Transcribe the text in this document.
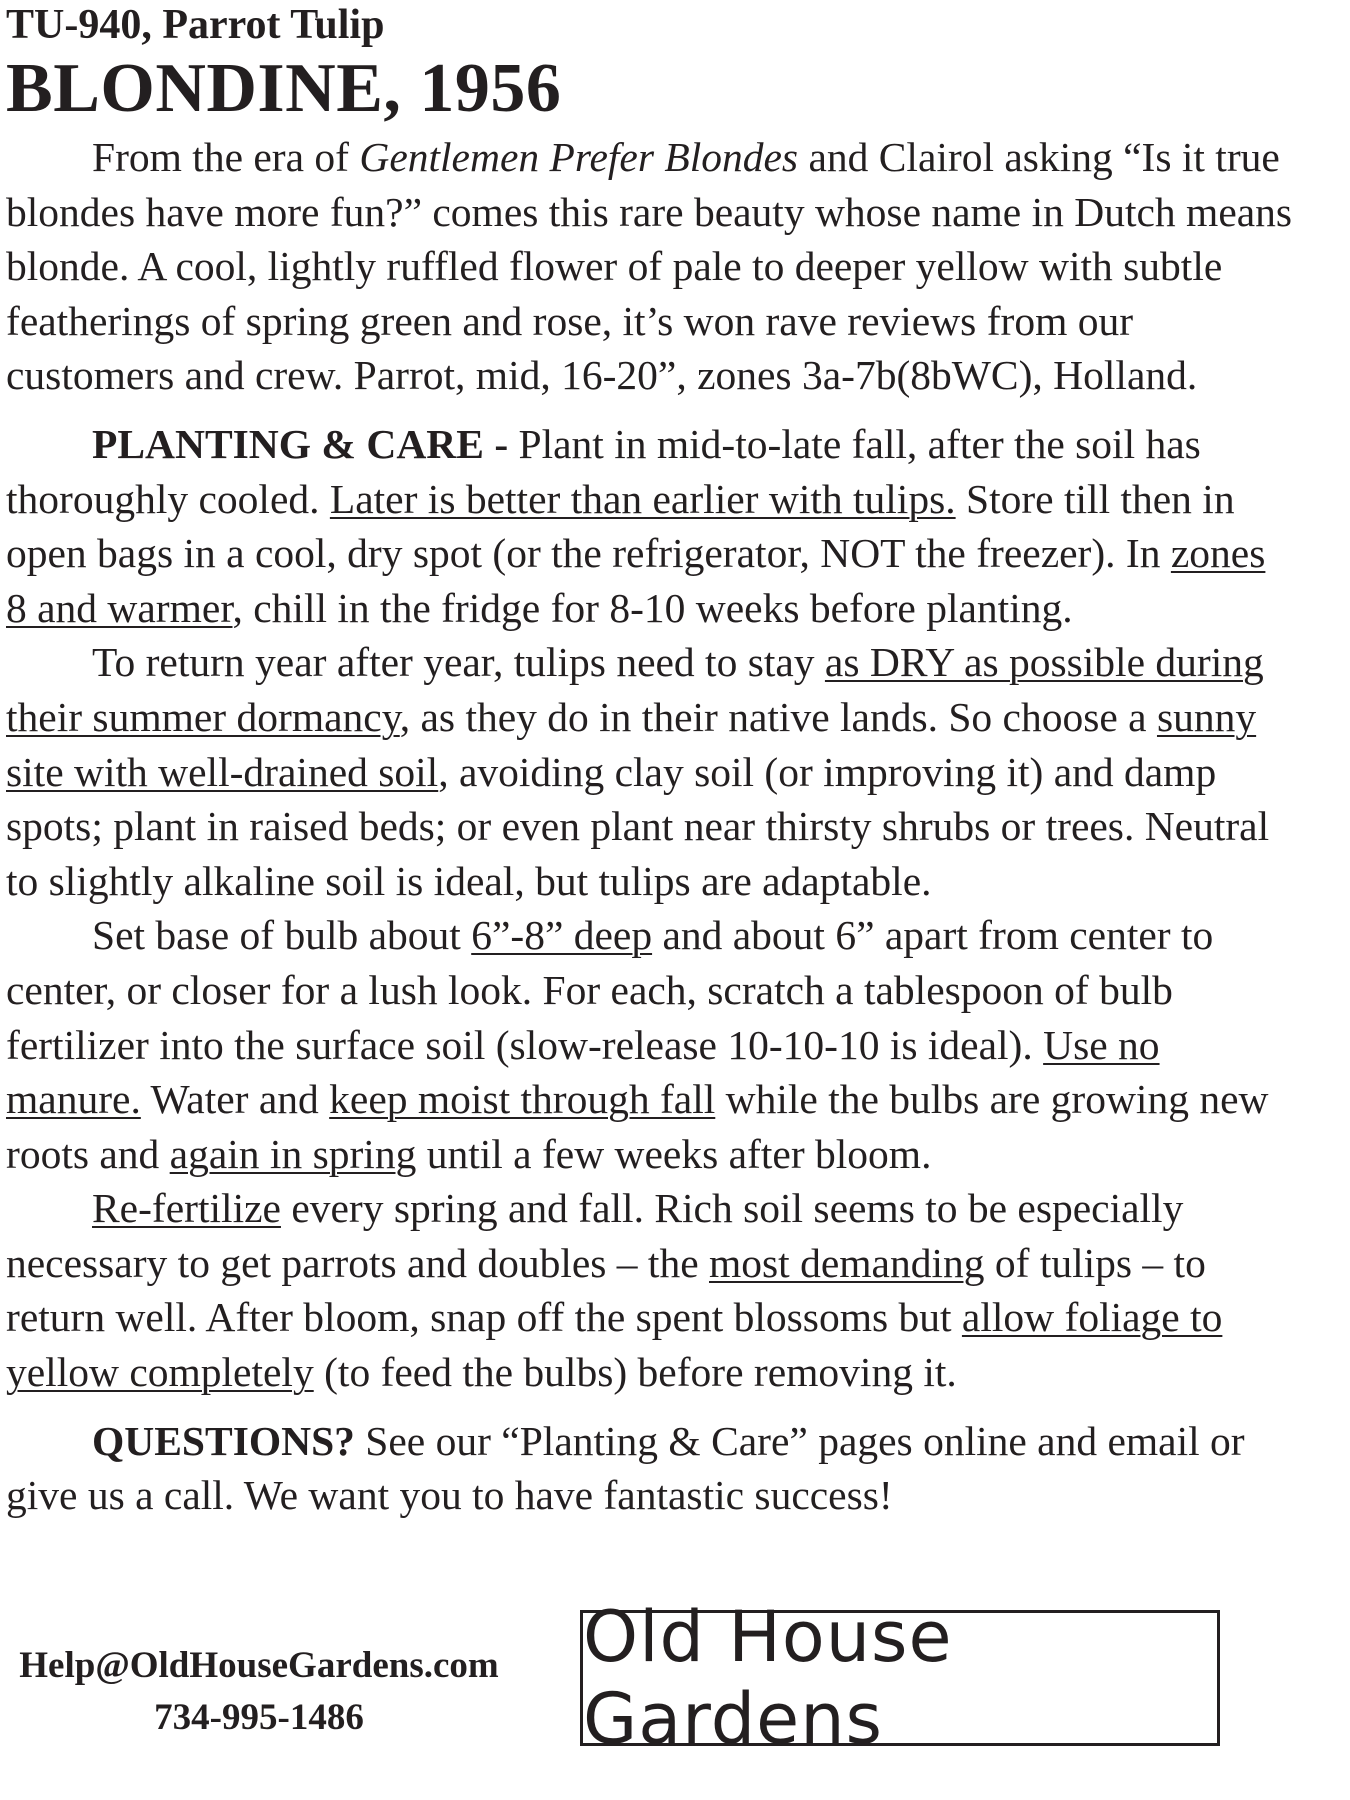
TU-940, Parrot Tulip

BLONDINE, 1956

From the era of Gentlemen Prefer Blondes and Clairol asking “Is it true blondes have more fun?” comes this rare beauty whose name in Dutch means blonde. A cool, lightly ruffled flower of pale to deeper yellow with subtle featherings of spring green and rose, it’s won rave reviews from our customers and crew. Parrot, mid, 16-20”, zones 3a-7b(8bWC), Holland.

PLANTING & CARE - Plant in mid-to-late fall, after the soil has thoroughly cooled. Later is better than earlier with tulips. Store till then in open bags in a cool, dry spot (or the refrigerator, NOT the freezer). In zones 8 and warmer, chill in the fridge for 8-10 weeks before planting.

To return year after year, tulips need to stay as DRY as possible during their summer dormancy, as they do in their native lands. So choose a sunny site with well-drained soil, avoiding clay soil (or improving it) and damp spots; plant in raised beds; or even plant near thirsty shrubs or trees. Neutral to slightly alkaline soil is ideal, but tulips are adaptable.

Set base of bulb about 6”-8” deep and about 6” apart from center to center, or closer for a lush look. For each, scratch a tablespoon of bulb fertilizer into the surface soil (slow-release 10-10-10 is ideal). Use no manure. Water and keep moist through fall while the bulbs are growing new roots and again in spring until a few weeks after bloom.

Re-fertilize every spring and fall. Rich soil seems to be especially necessary to get parrots and doubles – the most demanding of tulips – to return well. After bloom, snap off the spent blossoms but allow foliage to yellow completely (to feed the bulbs) before removing it.

QUESTIONS? See our “Planting & Care” pages online and email or give us a call. We want you to have fantastic success!

Help@OldHouseGardens.com
734-995-1486
Old House Gardens
